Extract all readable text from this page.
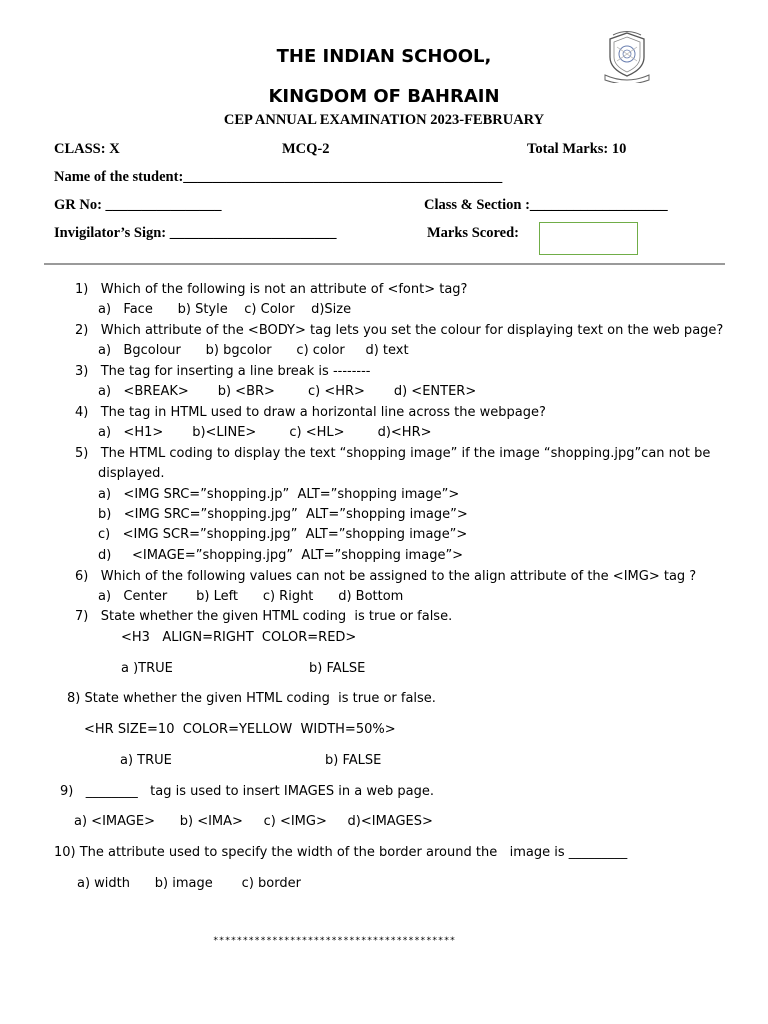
THE INDIAN SCHOOL,
KINGDOM OF BAHRAIN
CEP ANNUAL EXAMINATION 2023-FEBRUARY
CLASS: X	MCQ-2	Total Marks: 10
Name of the student:____________________________________________
GR No: ________________	Class & Section :___________________
Invigilator’s Sign: _______________________	Marks Scored:
1)   Which of the following is not an attribute of <font> tag?
a)   Face      b) Style    c) Color    d)Size
2)   Which attribute of the <BODY> tag lets you set the colour for displaying text on the web page?
a)   Bgcolour      b) bgcolor      c) color     d) text
3)   The tag for inserting a line break is --------
a)   <BREAK>       b) <BR>        c) <HR>       d) <ENTER>
4)   The tag in HTML used to draw a horizontal line across the webpage?
a)   <H1>       b)<LINE>        c) <HL>        d)<HR>
5)   The HTML coding to display the text “shopping image” if the image “shopping.jpg”can not be
displayed.
a)   <IMG SRC=”shopping.jp”  ALT=”shopping image”>
b)   <IMG SRC=”shopping.jpg”  ALT=”shopping image”>
c)   <IMG SCR=”shopping.jpg”  ALT=”shopping image”>
d)     <IMAGE=”shopping.jpg”  ALT=”shopping image”>
6)   Which of the following values can not be assigned to the align attribute of the <IMG> tag ?
a)   Center       b) Left      c) Right      d) Bottom
7)   State whether the given HTML coding  is true or false.
<H3   ALIGN=RIGHT  COLOR=RED>
a )TRUE	b) FALSE
8) State whether the given HTML coding  is true or false.
<HR SIZE=10  COLOR=YELLOW  WIDTH=50%>
a) TRUE	b) FALSE
9)   ________   tag is used to insert IMAGES in a web page.
a) <IMAGE>      b) <IMA>     c) <IMG>     d)<IMAGES>
10) The attribute used to specify the width of the border around the   image is _________
a) width      b) image       c) border
*****************************************
